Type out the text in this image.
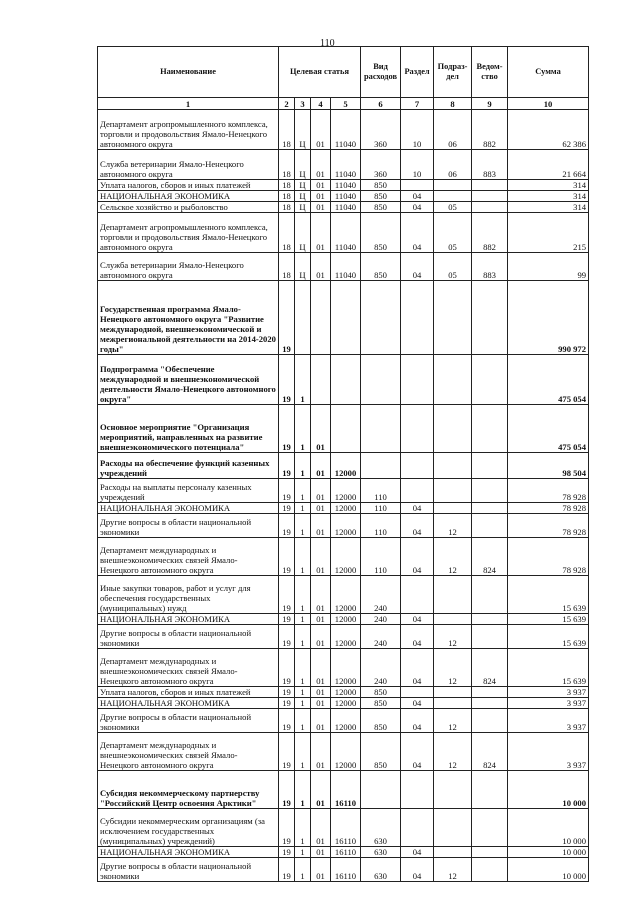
110
Наименование	Целевая статья				Вид расходов	Раздел	Подраз-дел	Ведом-ство	Сумма
1	2	3	4	5	6	7	8	9	10
Департамент агропромышленного комплекса, торговли и продовольствия Ямало-Ненецкого автономного округа	18	Ц	01	11040	360	10	06	882	62 386
Служба ветеринарии Ямало-Ненецкого автономного округа	18	Ц	01	11040	360	10	06	883	21 664
Уплата налогов, сборов и иных платежей	18	Ц	01	11040	850				314
НАЦИОНАЛЬНАЯ ЭКОНОМИКА	18	Ц	01	11040	850	04			314
Сельское хозяйство и рыболовство	18	Ц	01	11040	850	04	05		314
Департамент агропромышленного комплекса, торговли и продовольствия Ямало-Ненецкого автономного округа	18	Ц	01	11040	850	04	05	882	215
Служба ветеринарии Ямало-Ненецкого автономного округа	18	Ц	01	11040	850	04	05	883	99
Государственная программа Ямало-Ненецкого автономного округа "Развитие международной, внешнеэкономической и межрегиональной деятельности на 2014-2020 годы"	19								990 972
Подпрограмма "Обеспечение международной и внешнеэкономической деятельности Ямало-Ненецкого автономного округа"	19	1							475 054
Основное мероприятие "Организация мероприятий, направленных на развитие внешнеэкономического потенциала"	19	1	01						475 054
Расходы на обеспечение функций казенных учреждений	19	1	01	12000					98 504
Расходы на выплаты персоналу казенных учреждений	19	1	01	12000	110				78 928
НАЦИОНАЛЬНАЯ ЭКОНОМИКА	19	1	01	12000	110	04			78 928
Другие вопросы в области национальной экономики	19	1	01	12000	110	04	12		78 928
Департамент международных и внешнеэкономических связей Ямало-Ненецкого автономного округа	19	1	01	12000	110	04	12	824	78 928
Иные закупки товаров, работ и услуг для обеспечения государственных (муниципальных) нужд	19	1	01	12000	240				15 639
НАЦИОНАЛЬНАЯ ЭКОНОМИКА	19	1	01	12000	240	04			15 639
Другие вопросы в области национальной экономики	19	1	01	12000	240	04	12		15 639
Департамент международных и внешнеэкономических связей Ямало-Ненецкого автономного округа	19	1	01	12000	240	04	12	824	15 639
Уплата налогов, сборов и иных платежей	19	1	01	12000	850				3 937
НАЦИОНАЛЬНАЯ ЭКОНОМИКА	19	1	01	12000	850	04			3 937
Другие вопросы в области национальной экономики	19	1	01	12000	850	04	12		3 937
Департамент международных и внешнеэкономических связей Ямало-Ненецкого автономного округа	19	1	01	12000	850	04	12	824	3 937
Субсидия некоммерческому партнерству "Российский Центр освоения Арктики"	19	1	01	16110					10 000
Субсидии некоммерческим организациям (за исключением государственных (муниципальных) учреждений)	19	1	01	16110	630				10 000
НАЦИОНАЛЬНАЯ ЭКОНОМИКА	19	1	01	16110	630	04			10 000
Другие вопросы в области национальной экономики	19	1	01	16110	630	04	12		10 000
